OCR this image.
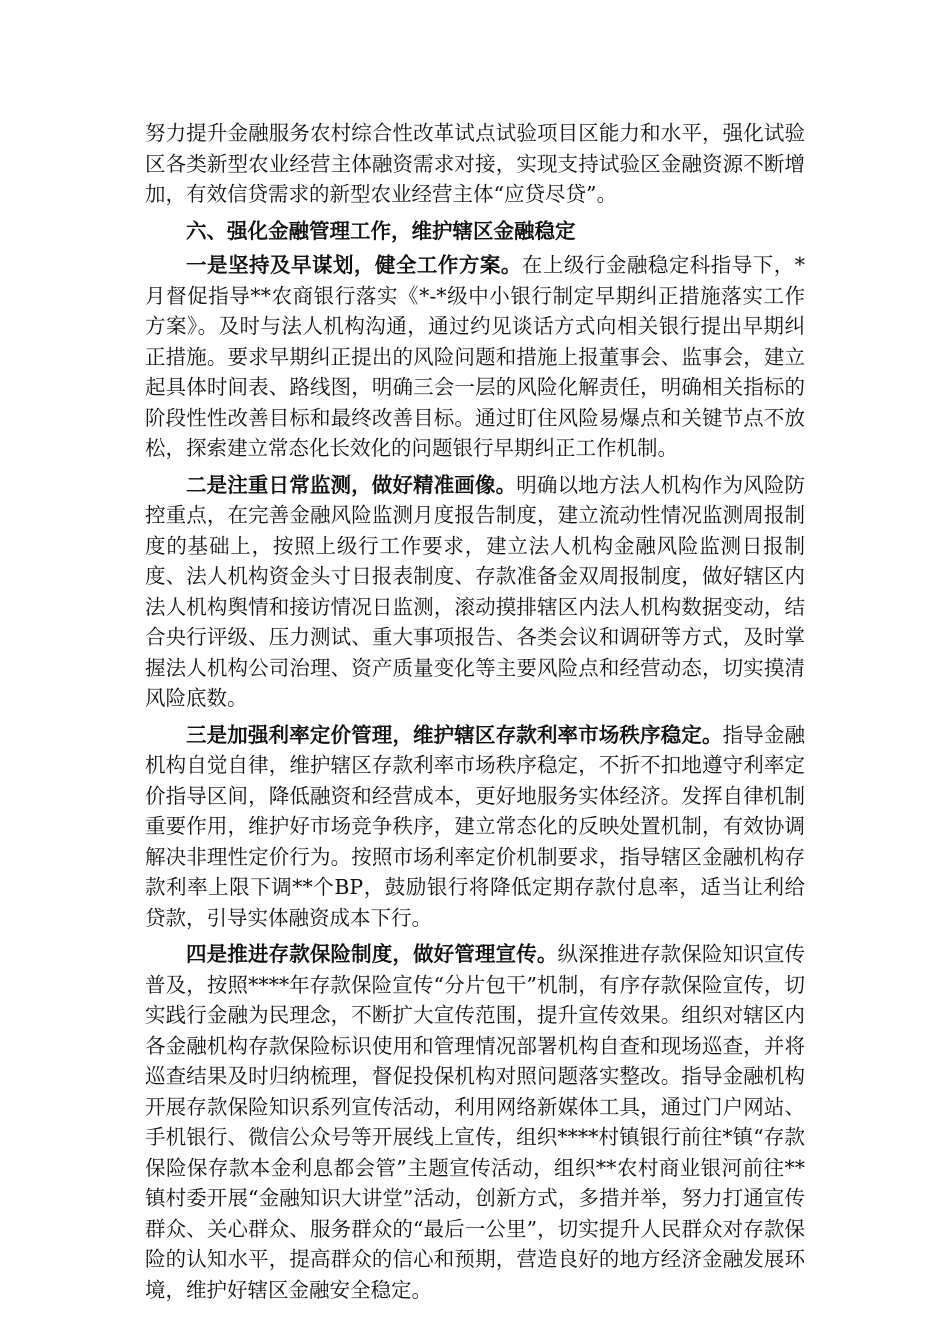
努力提升金融服务农村综合性改革试点试验项目区能力和水平，强化试验区各类新型农业经营主体融资需求对接，实现支持试验区金融资源不断增加，有效信贷需求的新型农业经营主体“应贷尽贷”。

六、强化金融管理工作，维护辖区金融稳定

一是坚持及早谋划，健全工作方案。在上级行金融稳定科指导下，*月督促指导**农商银行落实《*-*级中小银行制定早期纠正措施落实工作方案》。及时与法人机构沟通，通过约见谈话方式向相关银行提出早期纠正措施。要求早期纠正提出的风险问题和措施上报董事会、监事会，建立起具体时间表、路线图，明确三会一层的风险化解责任，明确相关指标的阶段性性改善目标和最终改善目标。通过盯住风险易爆点和关键节点不放松，探索建立常态化长效化的问题银行早期纠正工作机制。

二是注重日常监测，做好精准画像。明确以地方法人机构作为风险防控重点，在完善金融风险监测月度报告制度，建立流动性情况监测周报制度的基础上，按照上级行工作要求，建立法人机构金融风险监测日报制度、法人机构资金头寸日报表制度、存款准备金双周报制度，做好辖区内法人机构舆情和接访情况日监测，滚动摸排辖区内法人机构数据变动，结合央行评级、压力测试、重大事项报告、各类会议和调研等方式，及时掌握法人机构公司治理、资产质量变化等主要风险点和经营动态，切实摸清风险底数。

三是加强利率定价管理，维护辖区存款利率市场秩序稳定。指导金融机构自觉自律，维护辖区存款利率市场秩序稳定，不折不扣地遵守利率定价指导区间，降低融资和经营成本，更好地服务实体经济。发挥自律机制重要作用，维护好市场竞争秩序，建立常态化的反映处置机制，有效协调解决非理性定价行为。按照市场利率定价机制要求，指导辖区金融机构存款利率上限下调**个BP，鼓励银行将降低定期存款付息率，适当让利给贷款，引导实体融资成本下行。

四是推进存款保险制度，做好管理宣传。纵深推进存款保险知识宣传普及，按照****年存款保险宣传“分片包干”机制，有序存款保险宣传，切实践行金融为民理念，不断扩大宣传范围，提升宣传效果。组织对辖区内各金融机构存款保险标识使用和管理情况部署机构自查和现场巡查，并将巡查结果及时归纳梳理，督促投保机构对照问题落实整改。指导金融机构开展存款保险知识系列宣传活动，利用网络新媒体工具，通过门户网站、手机银行、微信公众号等开展线上宣传，组织****村镇银行前往*镇“存款保险保存款本金利息都会管”主题宣传活动，组织**农村商业银河前往**镇村委开展“金融知识大讲堂”活动，创新方式，多措并举，努力打通宣传群众、关心群众、服务群众的“最后一公里”，切实提升人民群众对存款保险的认知水平，提高群众的信心和预期，营造良好的地方经济金融发展环境，维护好辖区金融安全稳定。
